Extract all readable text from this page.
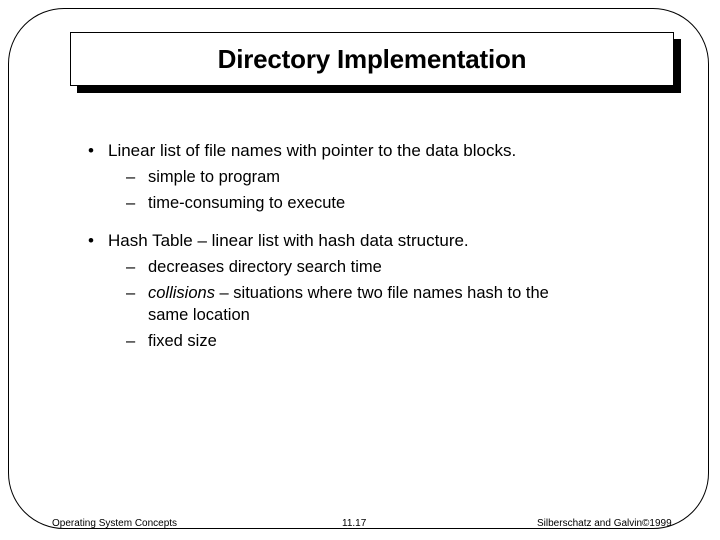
Directory Implementation
• Linear list of file names with pointer to the data blocks.
– simple to program
– time-consuming to execute
• Hash Table – linear list with hash data structure.
– decreases directory search time
– collisions – situations where two file names hash to the
same location
– fixed size
Operating System Concepts	11.17	Silberschatz and Galvin©1999
